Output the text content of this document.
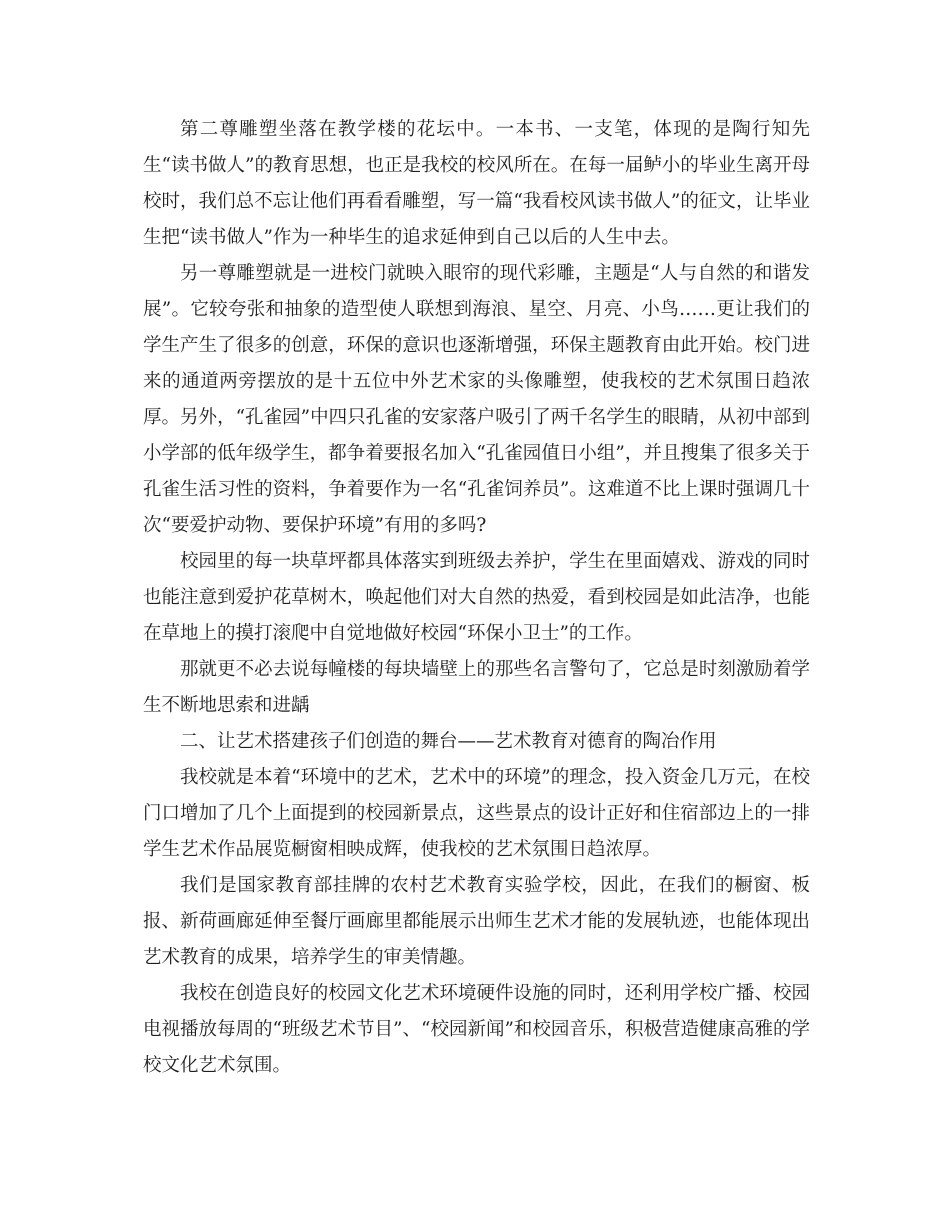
第二尊雕塑坐落在教学楼的花坛中。一本书、一支笔，体现的是陶行知先生“读书做人”的教育思想，也正是我校的校风所在。在每一届鲈小的毕业生离开母校时，我们总不忘让他们再看看雕塑，写一篇“我看校风读书做人”的征文，让毕业生把“读书做人”作为一种毕生的追求延伸到自己以后的人生中去。

另一尊雕塑就是一进校门就映入眼帘的现代彩雕，主题是“人与自然的和谐发展”。它较夸张和抽象的造型使人联想到海浪、星空、月亮、小鸟……更让我们的学生产生了很多的创意，环保的意识也逐渐增强，环保主题教育由此开始。校门进来的通道两旁摆放的是十五位中外艺术家的头像雕塑，使我校的艺术氛围日趋浓厚。另外，“孔雀园”中四只孔雀的安家落户吸引了两千名学生的眼睛，从初中部到小学部的低年级学生，都争着要报名加入“孔雀园值日小组”，并且搜集了很多关于孔雀生活习性的资料，争着要作为一名“孔雀饲养员”。这难道不比上课时强调几十次“要爱护动物、要保护环境”有用的多吗?

校园里的每一块草坪都具体落实到班级去养护，学生在里面嬉戏、游戏的同时也能注意到爱护花草树木，唤起他们对大自然的热爱，看到校园是如此洁净，也能在草地上的摸打滚爬中自觉地做好校园“环保小卫士”的工作。

那就更不必去说每幢楼的每块墙壁上的那些名言警句了，它总是时刻激励着学生不断地思索和进龋

二、让艺术搭建孩子们创造的舞台——艺术教育对德育的陶冶作用

我校就是本着“环境中的艺术，艺术中的环境”的理念，投入资金几万元，在校门口增加了几个上面提到的校园新景点，这些景点的设计正好和住宿部边上的一排学生艺术作品展览橱窗相映成辉，使我校的艺术氛围日趋浓厚。

我们是国家教育部挂牌的农村艺术教育实验学校，因此，在我们的橱窗、板报、新荷画廊延伸至餐厅画廊里都能展示出师生艺术才能的发展轨迹，也能体现出艺术教育的成果，培养学生的审美情趣。

我校在创造良好的校园文化艺术环境硬件设施的同时，还利用学校广播、校园电视播放每周的“班级艺术节目”、“校园新闻”和校园音乐，积极营造健康高雅的学校文化艺术氛围。
